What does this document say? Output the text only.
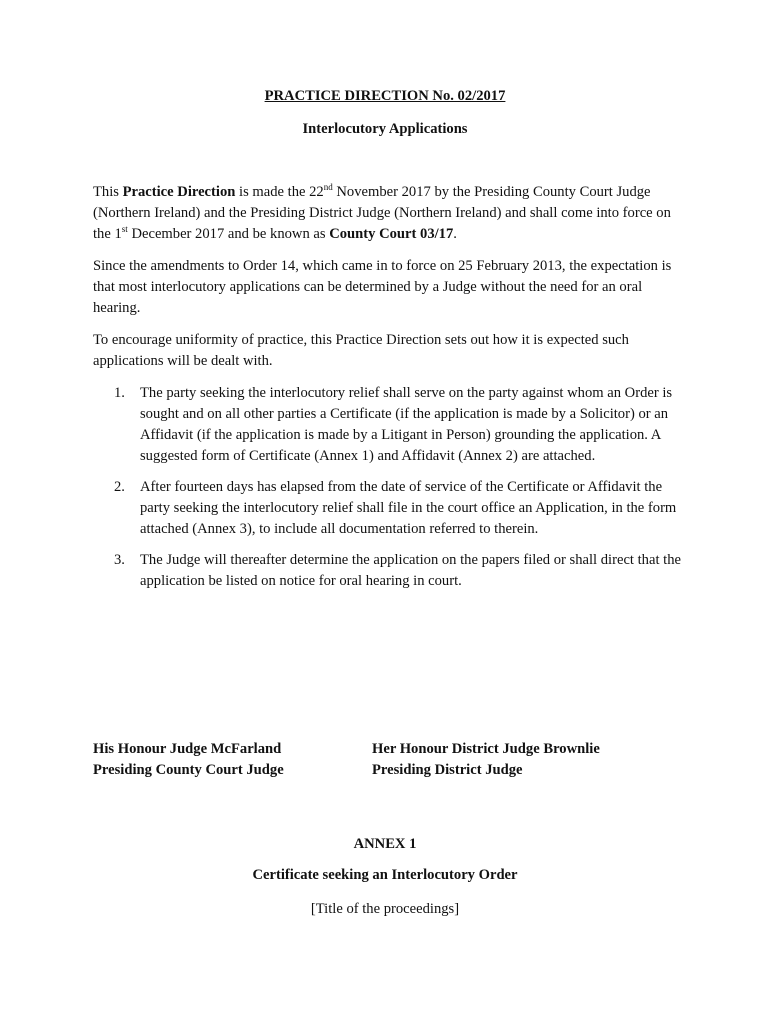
PRACTICE DIRECTION No. 02/2017
Interlocutory Applications

This Practice Direction is made the 22nd November 2017 by the Presiding County Court Judge (Northern Ireland) and the Presiding District Judge (Northern Ireland) and shall come into force on the 1st December 2017 and be known as County Court 03/17.

Since the amendments to Order 14, which came in to force on 25 February 2013, the expectation is that most interlocutory applications can be determined by a Judge without the need for an oral hearing.

To encourage uniformity of practice, this Practice Direction sets out how it is expected such applications will be dealt with.

1. The party seeking the interlocutory relief shall serve on the party against whom an Order is sought and on all other parties a Certificate (if the application is made by a Solicitor) or an Affidavit (if the application is made by a Litigant in Person) grounding the application. A suggested form of Certificate (Annex 1) and Affidavit (Annex 2) are attached.
2. After fourteen days has elapsed from the date of service of the Certificate or Affidavit the party seeking the interlocutory relief shall file in the court office an Application, in the form attached (Annex 3), to include all documentation referred to therein.
3. The Judge will thereafter determine the application on the papers filed or shall direct that the application be listed on notice for oral hearing in court.
His Honour Judge McFarland
Presiding County Court Judge
Her Honour District Judge Brownlie
Presiding District Judge
ANNEX 1
Certificate seeking an Interlocutory Order
[Title of the proceedings]
